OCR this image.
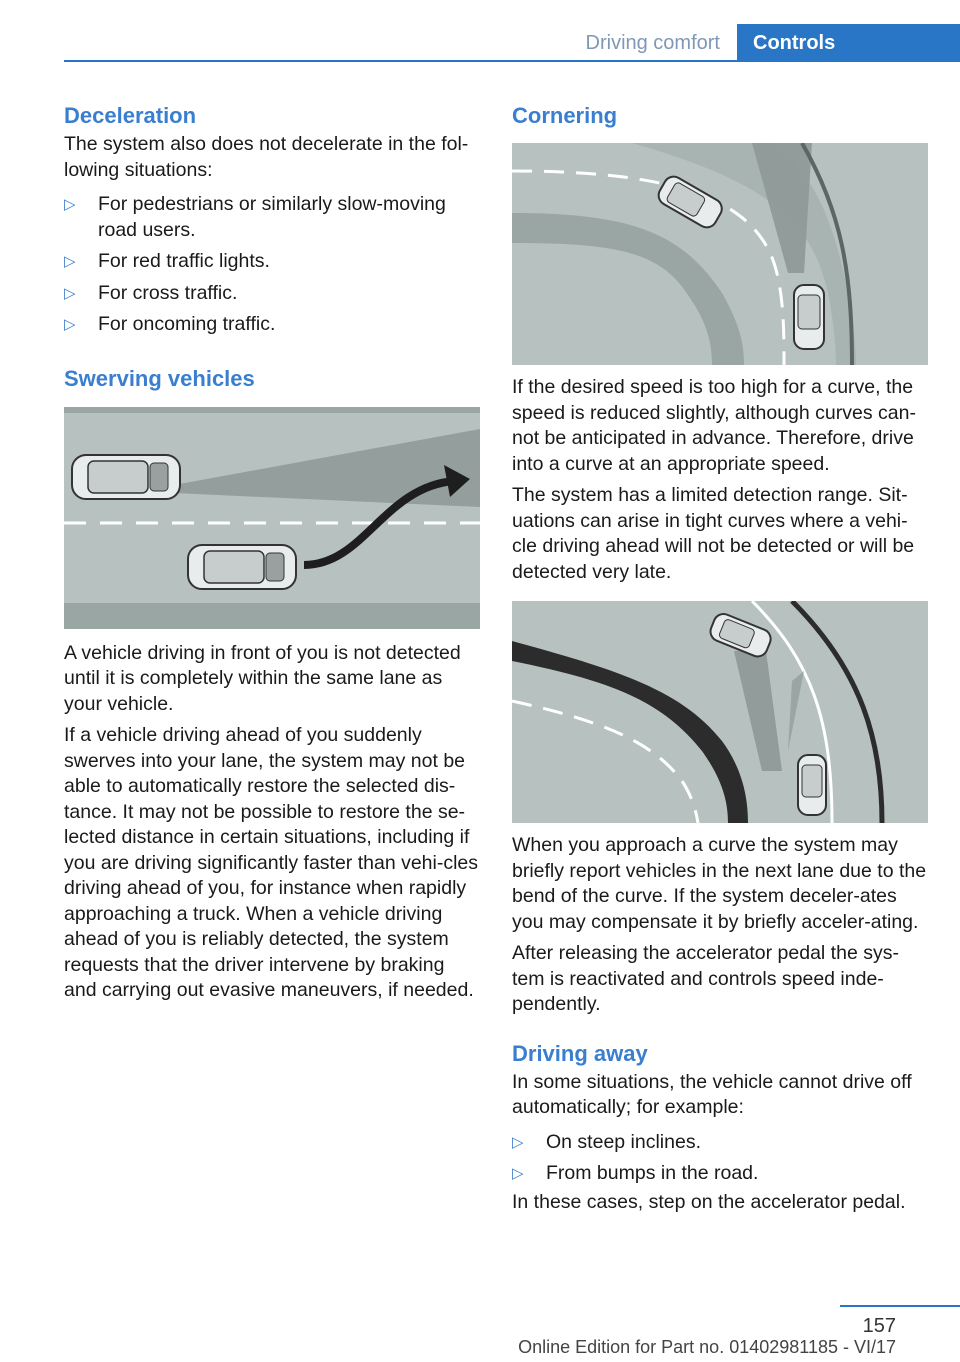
Driving comfort	Controls
Deceleration

The system also does not decelerate in the fol-lowing situations:

▷ For pedestrians or similarly slow-moving road users.
▷ For red traffic lights.
▷ For cross traffic.
▷ For oncoming traffic.
Swerving vehicles

A vehicle driving in front of you is not detected until it is completely within the same lane as your vehicle.

If a vehicle driving ahead of you suddenly swerves into your lane, the system may not be able to automatically restore the selected dis-tance. It may not be possible to restore the se-lected distance in certain situations, including if you are driving significantly faster than vehi-cles driving ahead of you, for instance when rapidly approaching a truck. When a vehicle driving ahead of you is reliably detected, the system requests that the driver intervene by braking and carrying out evasive maneuvers, if needed.

Cornering

If the desired speed is too high for a curve, the speed is reduced slightly, although curves can-not be anticipated in advance. Therefore, drive into a curve at an appropriate speed.

The system has a limited detection range. Sit-uations can arise in tight curves where a vehi-cle driving ahead will not be detected or will be detected very late.

When you approach a curve the system may briefly report vehicles in the next lane due to the bend of the curve. If the system deceler-ates you may compensate it by briefly acceler-ating.

After releasing the accelerator pedal the sys-tem is reactivated and controls speed inde-pendently.

Driving away

In some situations, the vehicle cannot drive off automatically; for example:

▷ On steep inclines.
▷ From bumps in the road.

In these cases, step on the accelerator pedal.

157
Online Edition for Part no. 01402981185 - VI/17
